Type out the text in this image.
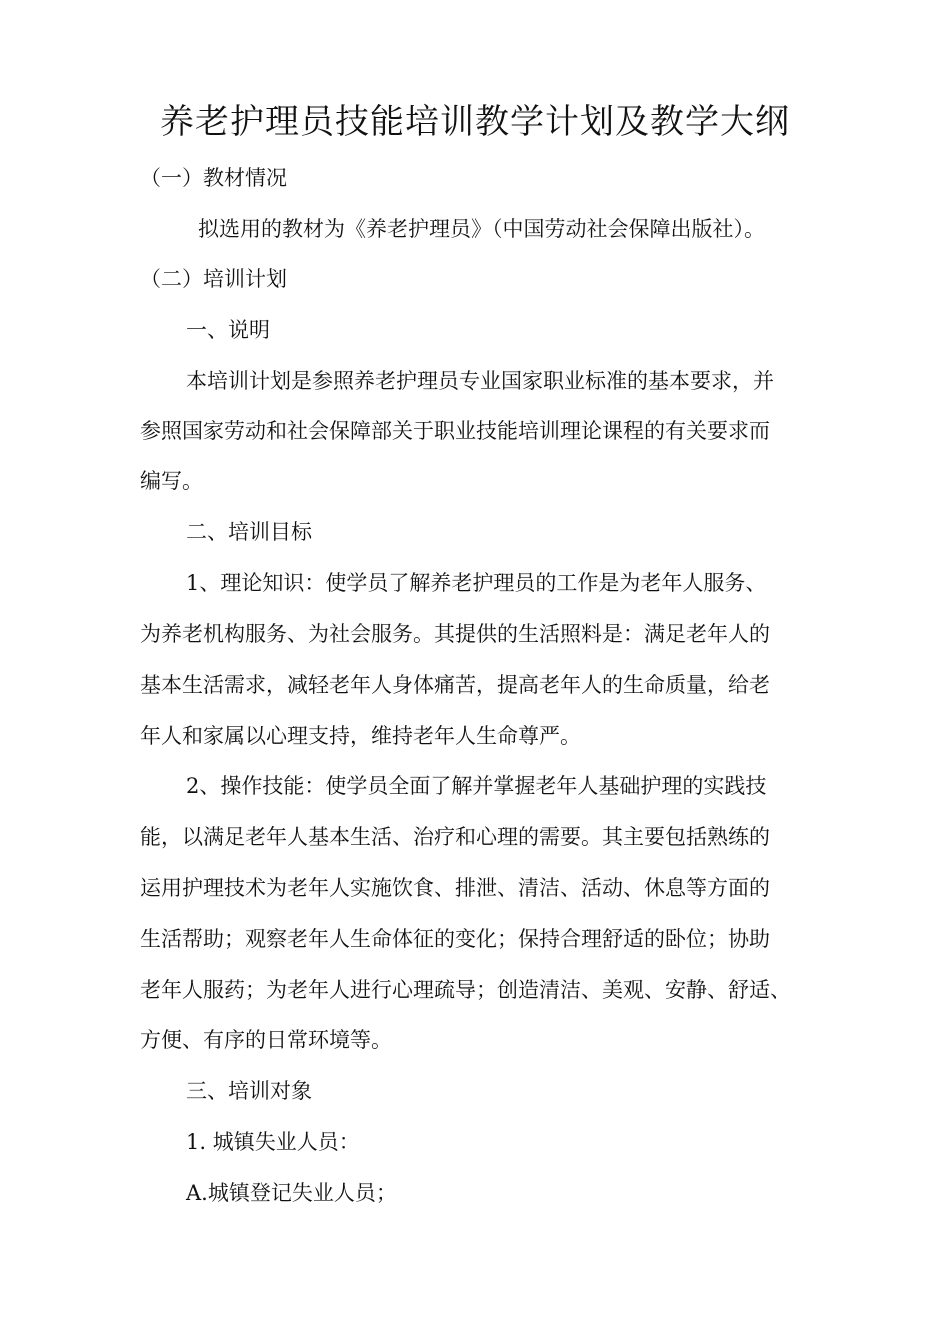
养老护理员技能培训教学计划及教学大纲
（一）教材情况
拟选用的教材为《养老护理员》（中国劳动社会保障出版社）。
（二）培训计划
一、说明
本培训计划是参照养老护理员专业国家职业标准的基本要求，并
参照国家劳动和社会保障部关于职业技能培训理论课程的有关要求而
编写。
二、培训目标
1、理论知识：使学员了解养老护理员的工作是为老年人服务、
为养老机构服务、为社会服务。其提供的生活照料是：满足老年人的
基本生活需求，减轻老年人身体痛苦，提高老年人的生命质量，给老
年人和家属以心理支持，维持老年人生命尊严。
2、操作技能：使学员全面了解并掌握老年人基础护理的实践技
能，以满足老年人基本生活、治疗和心理的需要。其主要包括熟练的
运用护理技术为老年人实施饮食、排泄、清洁、活动、休息等方面的
生活帮助；观察老年人生命体征的变化；保持合理舒适的卧位；协助
老年人服药；为老年人进行心理疏导；创造清洁、美观、安静、舒适、
方便、有序的日常环境等。
三、培训对象
1. 城镇失业人员：
A.城镇登记失业人员；
